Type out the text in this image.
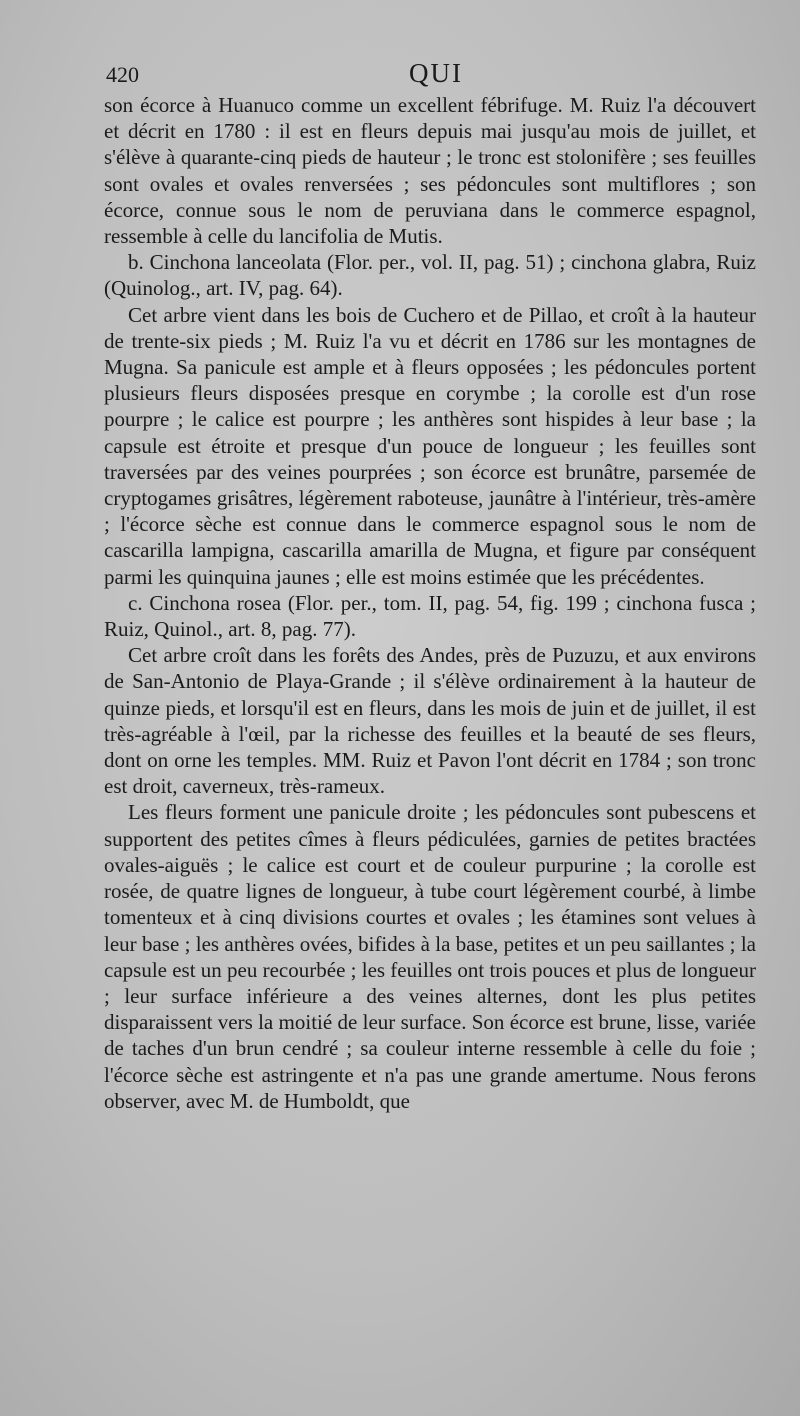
420	QUI

son écorce à Huanuco comme un excellent fébrifuge. M. Ruiz l'a découvert et décrit en 1780 : il est en fleurs depuis mai jusqu'au mois de juillet, et s'élève à quarante-cinq pieds de hauteur ; le tronc est stolonifère ; ses feuilles sont ovales et ovales renversées ; ses pédoncules sont multiflores ; son écorce, connue sous le nom de peruviana dans le commerce espagnol, ressemble à celle du lancifolia de Mutis.

b. Cinchona lanceolata (Flor. per., vol. II, pag. 51) ; cinchona glabra, Ruiz (Quinolog., art. IV, pag. 64).

Cet arbre vient dans les bois de Cuchero et de Pillao, et croît à la hauteur de trente-six pieds ; M. Ruiz l'a vu et décrit en 1786 sur les montagnes de Mugna. Sa panicule est ample et à fleurs opposées ; les pédoncules portent plusieurs fleurs disposées presque en corymbe ; la corolle est d'un rose pourpre ; le calice est pourpre ; les anthères sont hispides à leur base ; la capsule est étroite et presque d'un pouce de longueur ; les feuilles sont traversées par des veines pourprées ; son écorce est brunâtre, parsemée de cryptogames grisâtres, légèrement raboteuse, jaunâtre à l'intérieur, très-amère ; l'écorce sèche est connue dans le commerce espagnol sous le nom de cascarilla lampigna, cascarilla amarilla de Mugna, et figure par conséquent parmi les quinquina jaunes ; elle est moins estimée que les précédentes.

c. Cinchona rosea (Flor. per., tom. II, pag. 54, fig. 199 ; cinchona fusca ; Ruiz, Quinol., art. 8, pag. 77).

Cet arbre croît dans les forêts des Andes, près de Puzuzu, et aux environs de San-Antonio de Playa-Grande ; il s'élève ordinairement à la hauteur de quinze pieds, et lorsqu'il est en fleurs, dans les mois de juin et de juillet, il est très-agréable à l'œil, par la richesse des feuilles et la beauté de ses fleurs, dont on orne les temples. MM. Ruiz et Pavon l'ont décrit en 1784 ; son tronc est droit, caverneux, très-rameux.

Les fleurs forment une panicule droite ; les pédoncules sont pubescens et supportent des petites cîmes à fleurs pédiculées, garnies de petites bractées ovales-aiguës ; le calice est court et de couleur purpurine ; la corolle est rosée, de quatre lignes de longueur, à tube court légèrement courbé, à limbe tomenteux et à cinq divisions courtes et ovales ; les étamines sont velues à leur base ; les anthères ovées, bifides à la base, petites et un peu saillantes ; la capsule est un peu recourbée ; les feuilles ont trois pouces et plus de longueur ; leur surface inférieure a des veines alternes, dont les plus petites disparaissent vers la moitié de leur surface. Son écorce est brune, lisse, variée de taches d'un brun cendré ; sa couleur interne ressemble à celle du foie ; l'écorce sèche est astringente et n'a pas une grande amertume. Nous ferons observer, avec M. de Humboldt, que
